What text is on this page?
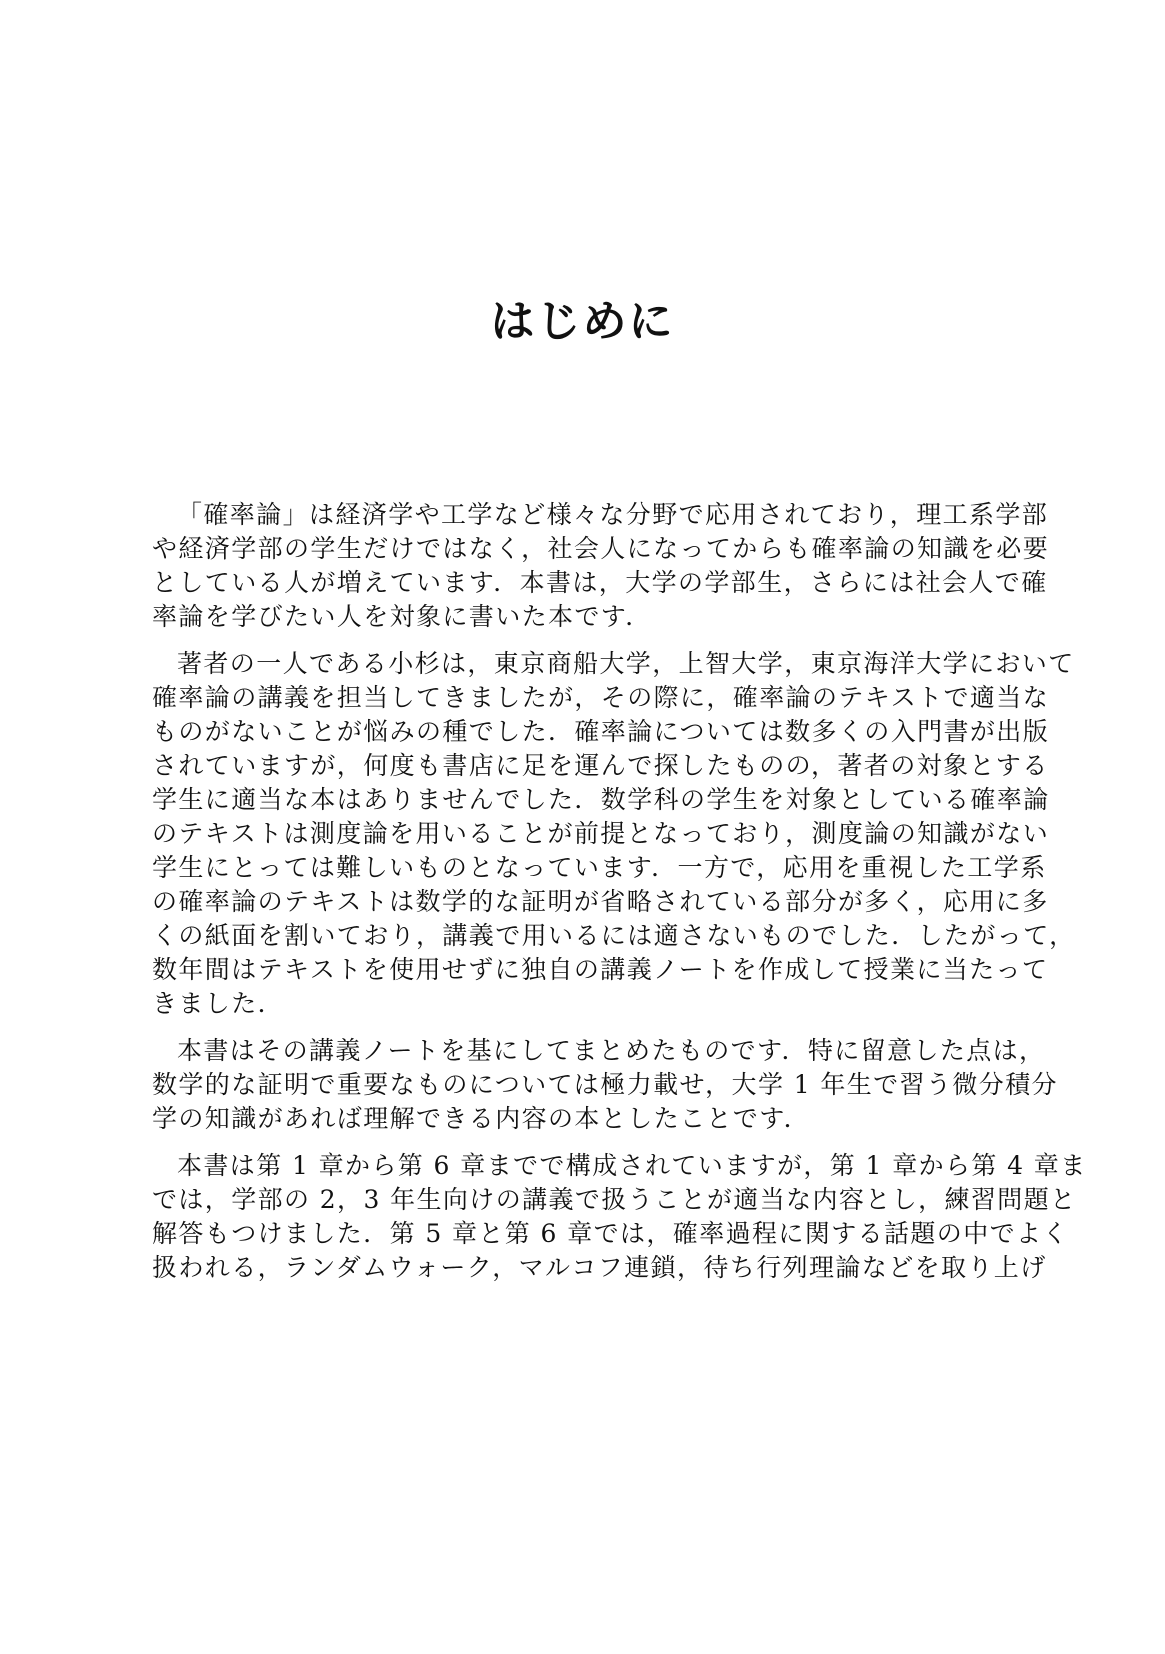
はじめに
「確率論」は経済学や工学など様々な分野で応用されており，理工系学部
や経済学部の学生だけではなく，社会人になってからも確率論の知識を必要
としている人が増えています．本書は，大学の学部生，さらには社会人で確
率論を学びたい人を対象に書いた本です．
著者の一人である小杉は，東京商船大学，上智大学，東京海洋大学において
確率論の講義を担当してきましたが，その際に，確率論のテキストで適当な
ものがないことが悩みの種でした．確率論については数多くの入門書が出版
されていますが，何度も書店に足を運んで探したものの，著者の対象とする
学生に適当な本はありませんでした．数学科の学生を対象としている確率論
のテキストは測度論を用いることが前提となっており，測度論の知識がない
学生にとっては難しいものとなっています．一方で，応用を重視した工学系
の確率論のテキストは数学的な証明が省略されている部分が多く，応用に多
くの紙面を割いており，講義で用いるには適さないものでした．したがって，
数年間はテキストを使用せずに独自の講義ノートを作成して授業に当たって
きました．
本書はその講義ノートを基にしてまとめたものです．特に留意した点は，
数学的な証明で重要なものについては極力載せ，大学 1 年生で習う微分積分
学の知識があれば理解できる内容の本としたことです．
本書は第 1 章から第 6 章までで構成されていますが，第 1 章から第 4 章ま
では，学部の 2，3 年生向けの講義で扱うことが適当な内容とし，練習問題と
解答もつけました．第 5 章と第 6 章では，確率過程に関する話題の中でよく
扱われる，ランダムウォーク，マルコフ連鎖，待ち行列理論などを取り上げ
